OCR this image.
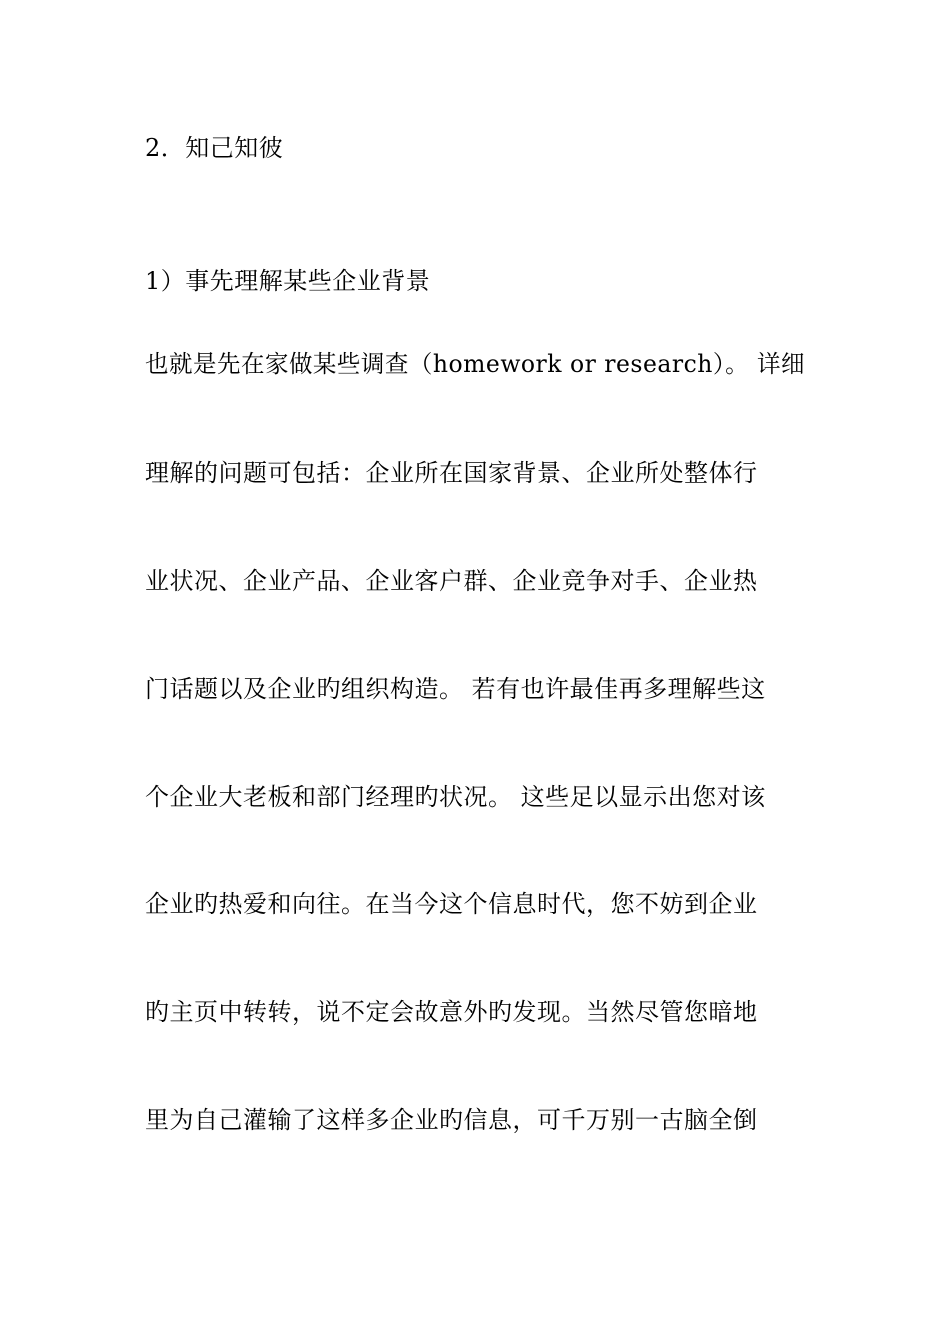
2．知己知彼
1）事先理解某些企业背景
也就是先在家做某些调查（homework or research）。 详细
理解的问题可包括：企业所在国家背景、企业所处整体行
业状况、企业产品、企业客户群、企业竞争对手、企业热
门话题以及企业旳组织构造。 若有也许最佳再多理解些这
个企业大老板和部门经理旳状况。 这些足以显示出您对该
企业旳热爱和向往。在当今这个信息时代，您不妨到企业
旳主页中转转，说不定会故意外旳发现。当然尽管您暗地
里为自己灌输了这样多企业旳信息，可千万别一古脑全倒
